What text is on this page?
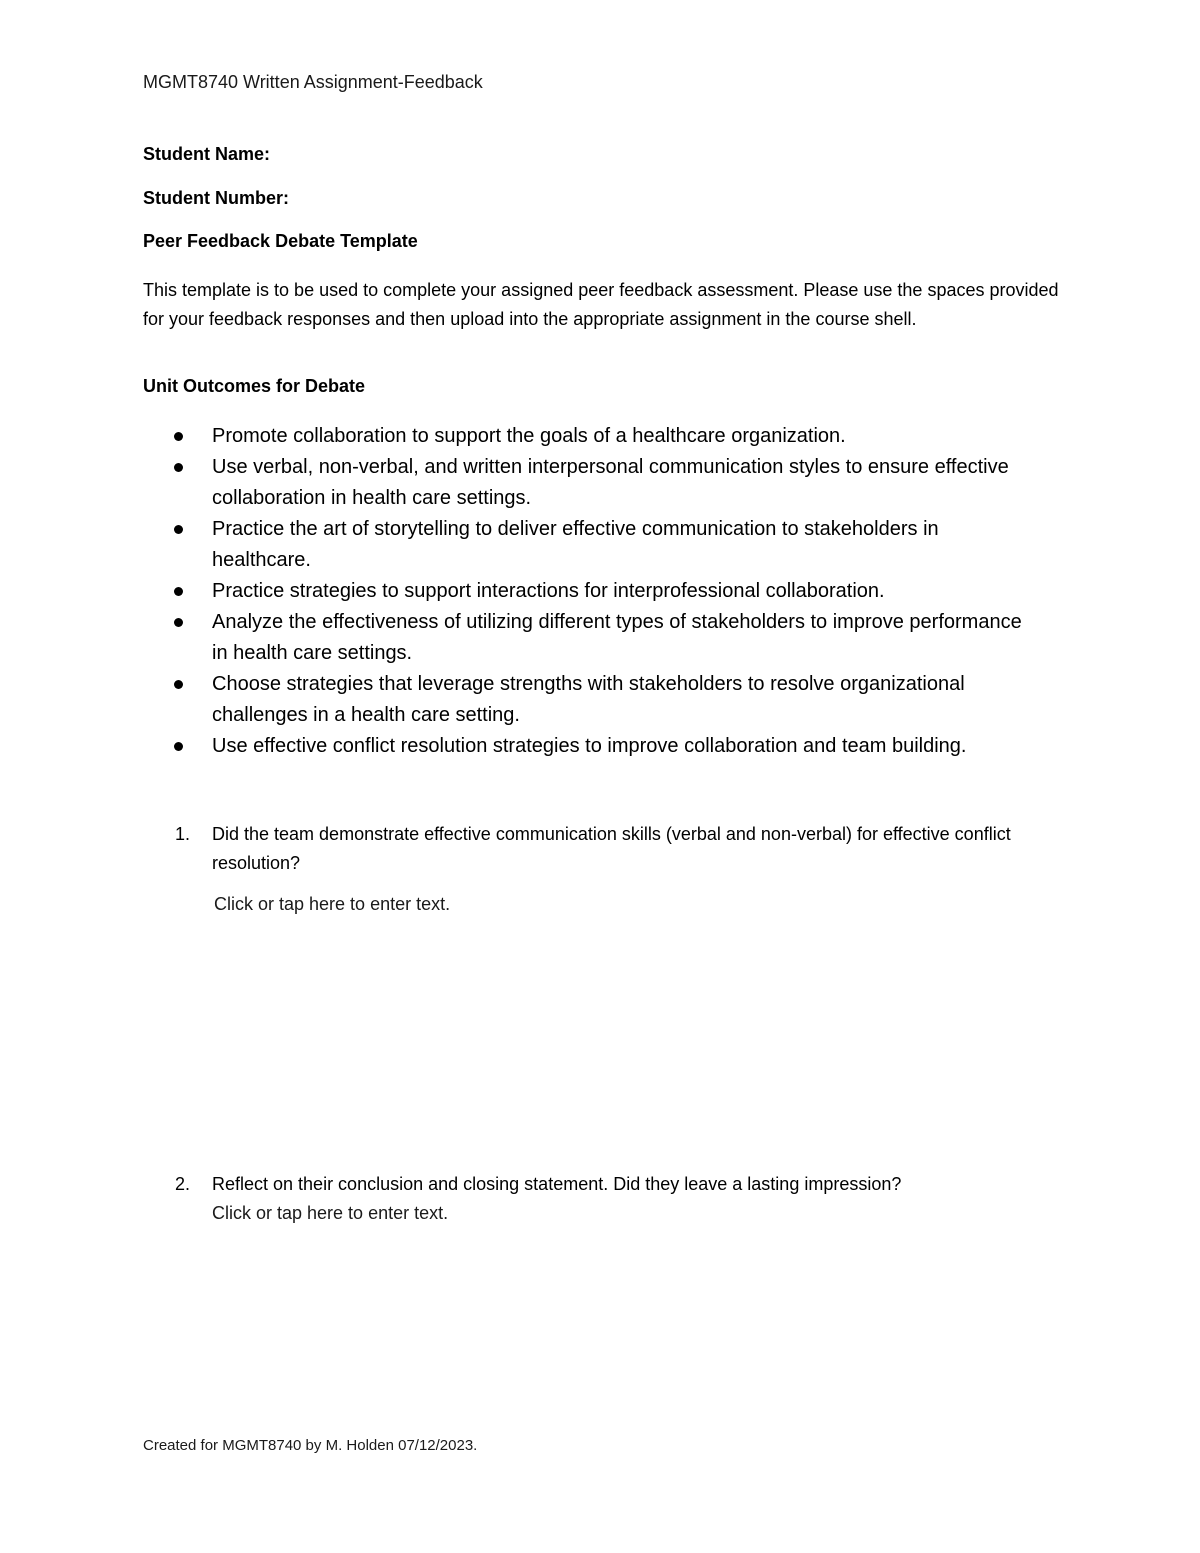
MGMT8740 Written Assignment-Feedback
Student Name:
Student Number:
Peer Feedback Debate Template
This template is to be used to complete your assigned peer feedback assessment. Please use the spaces provided for your feedback responses and then upload into the appropriate assignment in the course shell.
Unit Outcomes for Debate
Promote collaboration to support the goals of a healthcare organization.
Use verbal, non-verbal, and written interpersonal communication styles to ensure effective collaboration in health care settings.
Practice the art of storytelling to deliver effective communication to stakeholders in healthcare.
Practice strategies to support interactions for interprofessional collaboration.
Analyze the effectiveness of utilizing different types of stakeholders to improve performance in health care settings.
Choose strategies that leverage strengths with stakeholders to resolve organizational challenges in a health care setting.
Use effective conflict resolution strategies to improve collaboration and team building.
1. Did the team demonstrate effective communication skills (verbal and non-verbal) for effective conflict resolution?
Click or tap here to enter text.
2. Reflect on their conclusion and closing statement. Did they leave a lasting impression?
Click or tap here to enter text.
Created for MGMT8740 by M. Holden 07/12/2023.
